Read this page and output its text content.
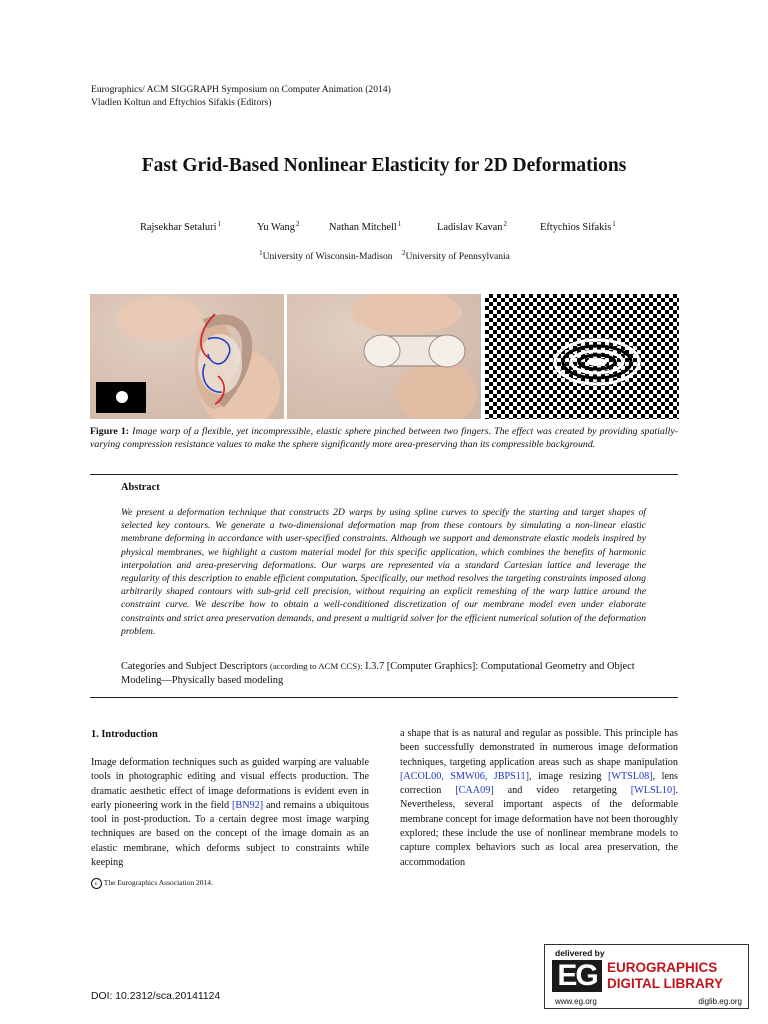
Eurographics/ ACM SIGGRAPH Symposium on Computer Animation (2014)
Vladlen Koltun and Eftychios Sifakis (Editors)
Fast Grid-Based Nonlinear Elasticity for 2D Deformations
Rajsekhar Setaluri$^1$	Yu Wang$^2$	Nathan Mitchell$^1$	Ladislav Kavan$^2$	Eftychios Sifakis$^1$
$^1$University of Wisconsin-Madison $^2$University of Pennsylvania
Figure 1: Image warp of a flexible, yet incompressible, elastic sphere pinched between two fingers. The effect was created by providing spatially-varying compression resistance values to make the sphere significantly more area-preserving than its compressible background.
Abstract
We present a deformation technique that constructs 2D warps by using spline curves to specify the starting and target shapes of selected key contours. We generate a two-dimensional deformation map from these contours by simulating a non-linear elastic membrane deforming in accordance with user-specified constraints. Although we support and demonstrate elastic models inspired by physical membranes, we highlight a custom material model for this specific application, which combines the benefits of harmonic interpolation and area-preserving deformations. Our warps are represented via a standard Cartesian lattice and leverage the regularity of this description to enable efficient computation. Specifically, our method resolves the targeting constraints imposed along arbitrarily shaped contours with sub-grid cell precision, without requiring an explicit remeshing of the warp lattice around the constraint curve. We describe how to obtain a well-conditioned discretization of our membrane model even under elaborate constraints and strict area preservation demands, and present a multigrid solver for the efficient numerical solution of the deformation problem.
Categories and Subject Descriptors (according to ACM CCS): I.3.7 [Computer Graphics]: Computational Geometry and Object Modeling—Physically based modeling
1. Introduction
Image deformation techniques such as guided warping are valuable tools in photographic editing and visual effects production. The dramatic aesthetic effect of image deformations is evident even in early pioneering work in the field [BN92] and remains a ubiquitous tool in post-production. To a certain degree most image warping techniques are based on the concept of the image domain as an elastic membrane, which deforms subject to constraints while keeping
a shape that is as natural and regular as possible. This principle has been successfully demonstrated in numerous image deformation techniques, targeting application areas such as shape manipulation [ACOL00, SMW06, JBPS11], image resizing [WTSL08], lens correction [CAA09] and video retargeting [WLSL10]. Nevertheless, several important aspects of the deformable membrane concept for image deformation have not been thoroughly explored; these include the use of nonlinear membrane models to capture complex behaviors such as local area preservation, the accommodation
c The Eurographics Association 2014.
DOI: 10.2312/sca.20141124
delivered by
EG EUROGRAPHICS
DIGITAL LIBRARY
www.eg.org	diglib.eg.org
